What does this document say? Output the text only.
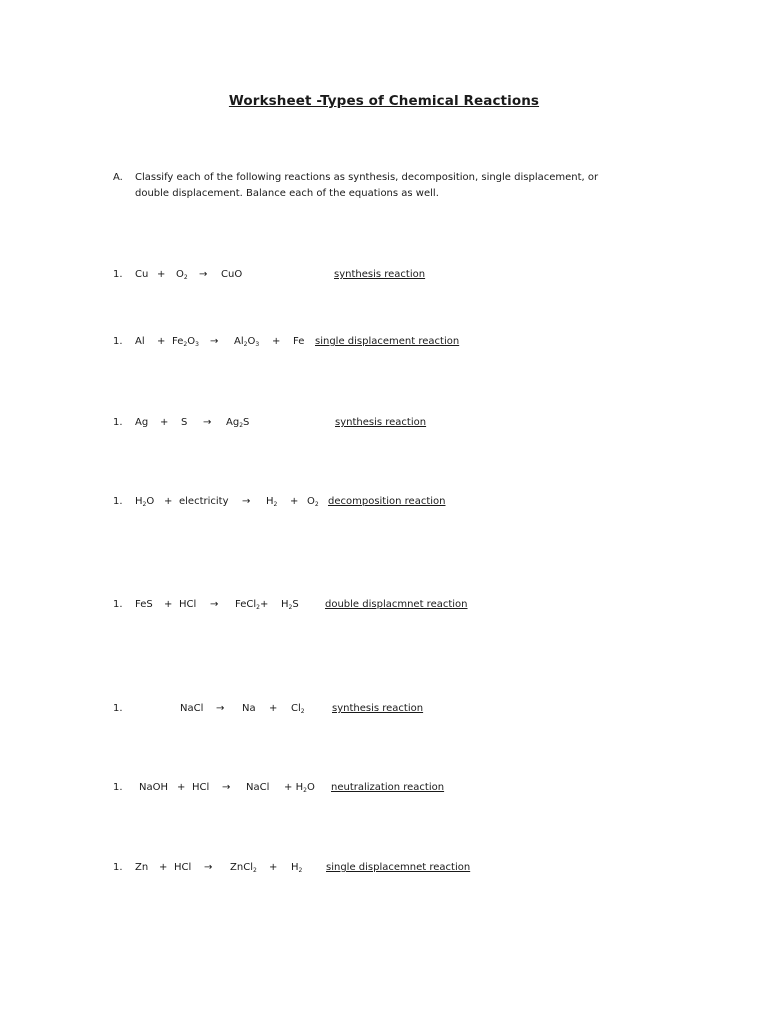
Worksheet -Types of Chemical Reactions
A. Classify each of the following reactions as synthesis, decomposition, single displacement, or double displacement. Balance each of the equations as well.
1. $Cu + O_2$ → CuO	synthesis reaction
1. $Al + Fe_2O_3 \to Al_2O_3 + Fe$ single displacement reaction
1. $Ag + S \to Ag_2S$	synthesis reaction
1. $H_2O$ + electricity → $H_2 + O_2$ decomposition reaction
1. FeS + HCl → FeCl$_2$+ $H_2S$	double displacmnet reaction
1.	NaCl → $Na + Cl_2$	synthesis reaction
1. NaOH + HCl → NaCl + $H_2O$ neutralization reaction
1. Zn + HCl → ZnCl$_2$ + $H_2$ single displacemnet reaction
